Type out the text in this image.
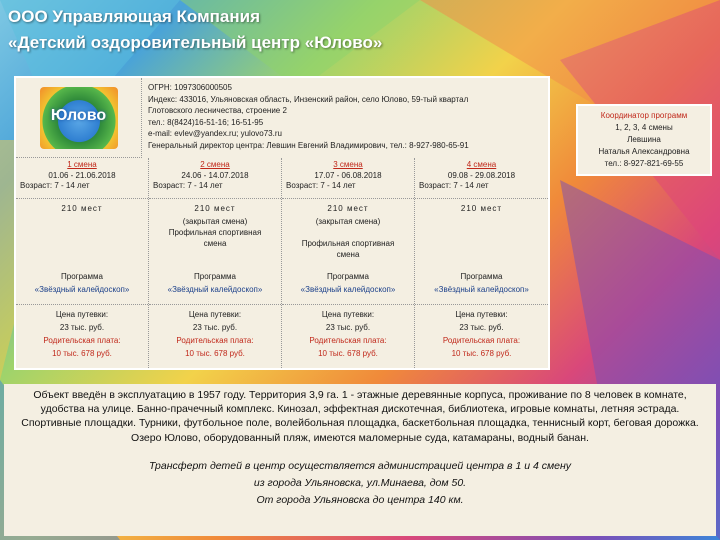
ООО Управляющая Компания
«Детский оздоровительный центр «Юлово»
Юлово
ОГРН: 1097306000505
Индекс: 433016, Ульяновская область, Инзенский район, село Юлово, 59-тый квартал
Глотовского лесничества, строение 2
тел.: 8(8424)16-51-16; 16-51-95
e-mail: evlev@yandex.ru; yulovo73.ru
Генеральный директор центра: Левшин Евгений Владимирович, тел.: 8-927-980-65-91
1 смена
01.06 - 21.06.2018
Возраст: 7 - 14 лет
210 мест
Программа
«Звёздный калейдоскоп»
Цена путевки:
23 тыс. руб.
Родительская плата:
10 тыс. 678 руб.
2 смена
24.06 - 14.07.2018
Возраст: 7 - 14 лет
210 мест
(закрытая смена)
Профильная спортивная
смена
Программа
«Звёздный калейдоскоп»
Цена путевки:
23 тыс. руб.
Родительская плата:
10 тыс. 678 руб.
3 смена
17.07 - 06.08.2018
Возраст: 7 - 14 лет
210 мест
(закрытая смена)
Профильная спортивная
смена
Программа
«Звёздный калейдоскоп»
Цена путевки:
23 тыс. руб.
Родительская плата:
10 тыс. 678 руб.
4 смена
09.08 - 29.08.2018
Возраст: 7 - 14 лет
210 мест
Программа
«Звёздный калейдоскоп»
Цена путевки:
23 тыс. руб.
Родительская плата:
10 тыс. 678 руб.
Координатор программ
1, 2, 3, 4 смены
Левшина
Наталья Александровна
тел.: 8-927-821-69-55
Объект введён в эксплуатацию в 1957 году. Территория 3,9 га. 1 - этажные деревянные корпуса, проживание по 8 человек в комнате, удобства на улице. Банно-прачечный комплекс. Кинозал, эффектная дискотечная, библиотека, игровые комнаты, летняя эстрада. Спортивные площадки. Турники, футбольное поле, волейбольная площадка, баскетбольная площадка, теннисный корт, беговая дорожка. Озеро Юлово, оборудованный пляж, имеются маломерные суда, катамараны, водный банан.
Трансферт детей в центр осуществляется администрацией центра в 1 и 4 смену
из города Ульяновска, ул.Минаева, дом 50.
От города Ульяновска до центра 140 км.
